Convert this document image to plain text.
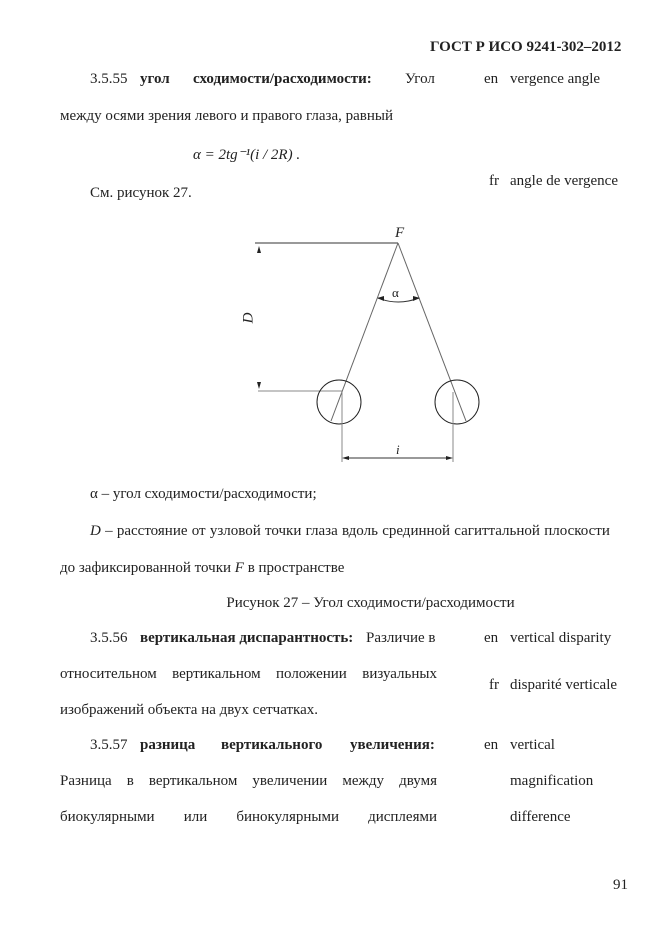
ГОСТ Р ИСО 9241-302–2012
3.5.55 угол сходимости/расходимости: Угол	en vergence angle
между осями зрения левого и правого глаза, равный
α = 2tg⁻¹(i / 2R) .
fr angle de vergence
См. рисунок 27.
F
α
D
i
α – угол сходимости/расходимости;
D – расстояние от узловой точки глаза вдоль срединной сагиттальной плоскости
до зафиксированной точки F в пространстве
Рисунок 27 – Угол сходимости/расходимости
3.5.56 вертикальная диспарантность: Различие в	en vertical disparity
относительном вертикальном положении визуальных
fr disparité verticale
изображений объекта на двух сетчатках.
3.5.57 разница вертикального увеличения:	en vertical
Разница в вертикальном увеличении между двумя	magnification
биокулярными или бинокулярными дисплеями	difference
91
